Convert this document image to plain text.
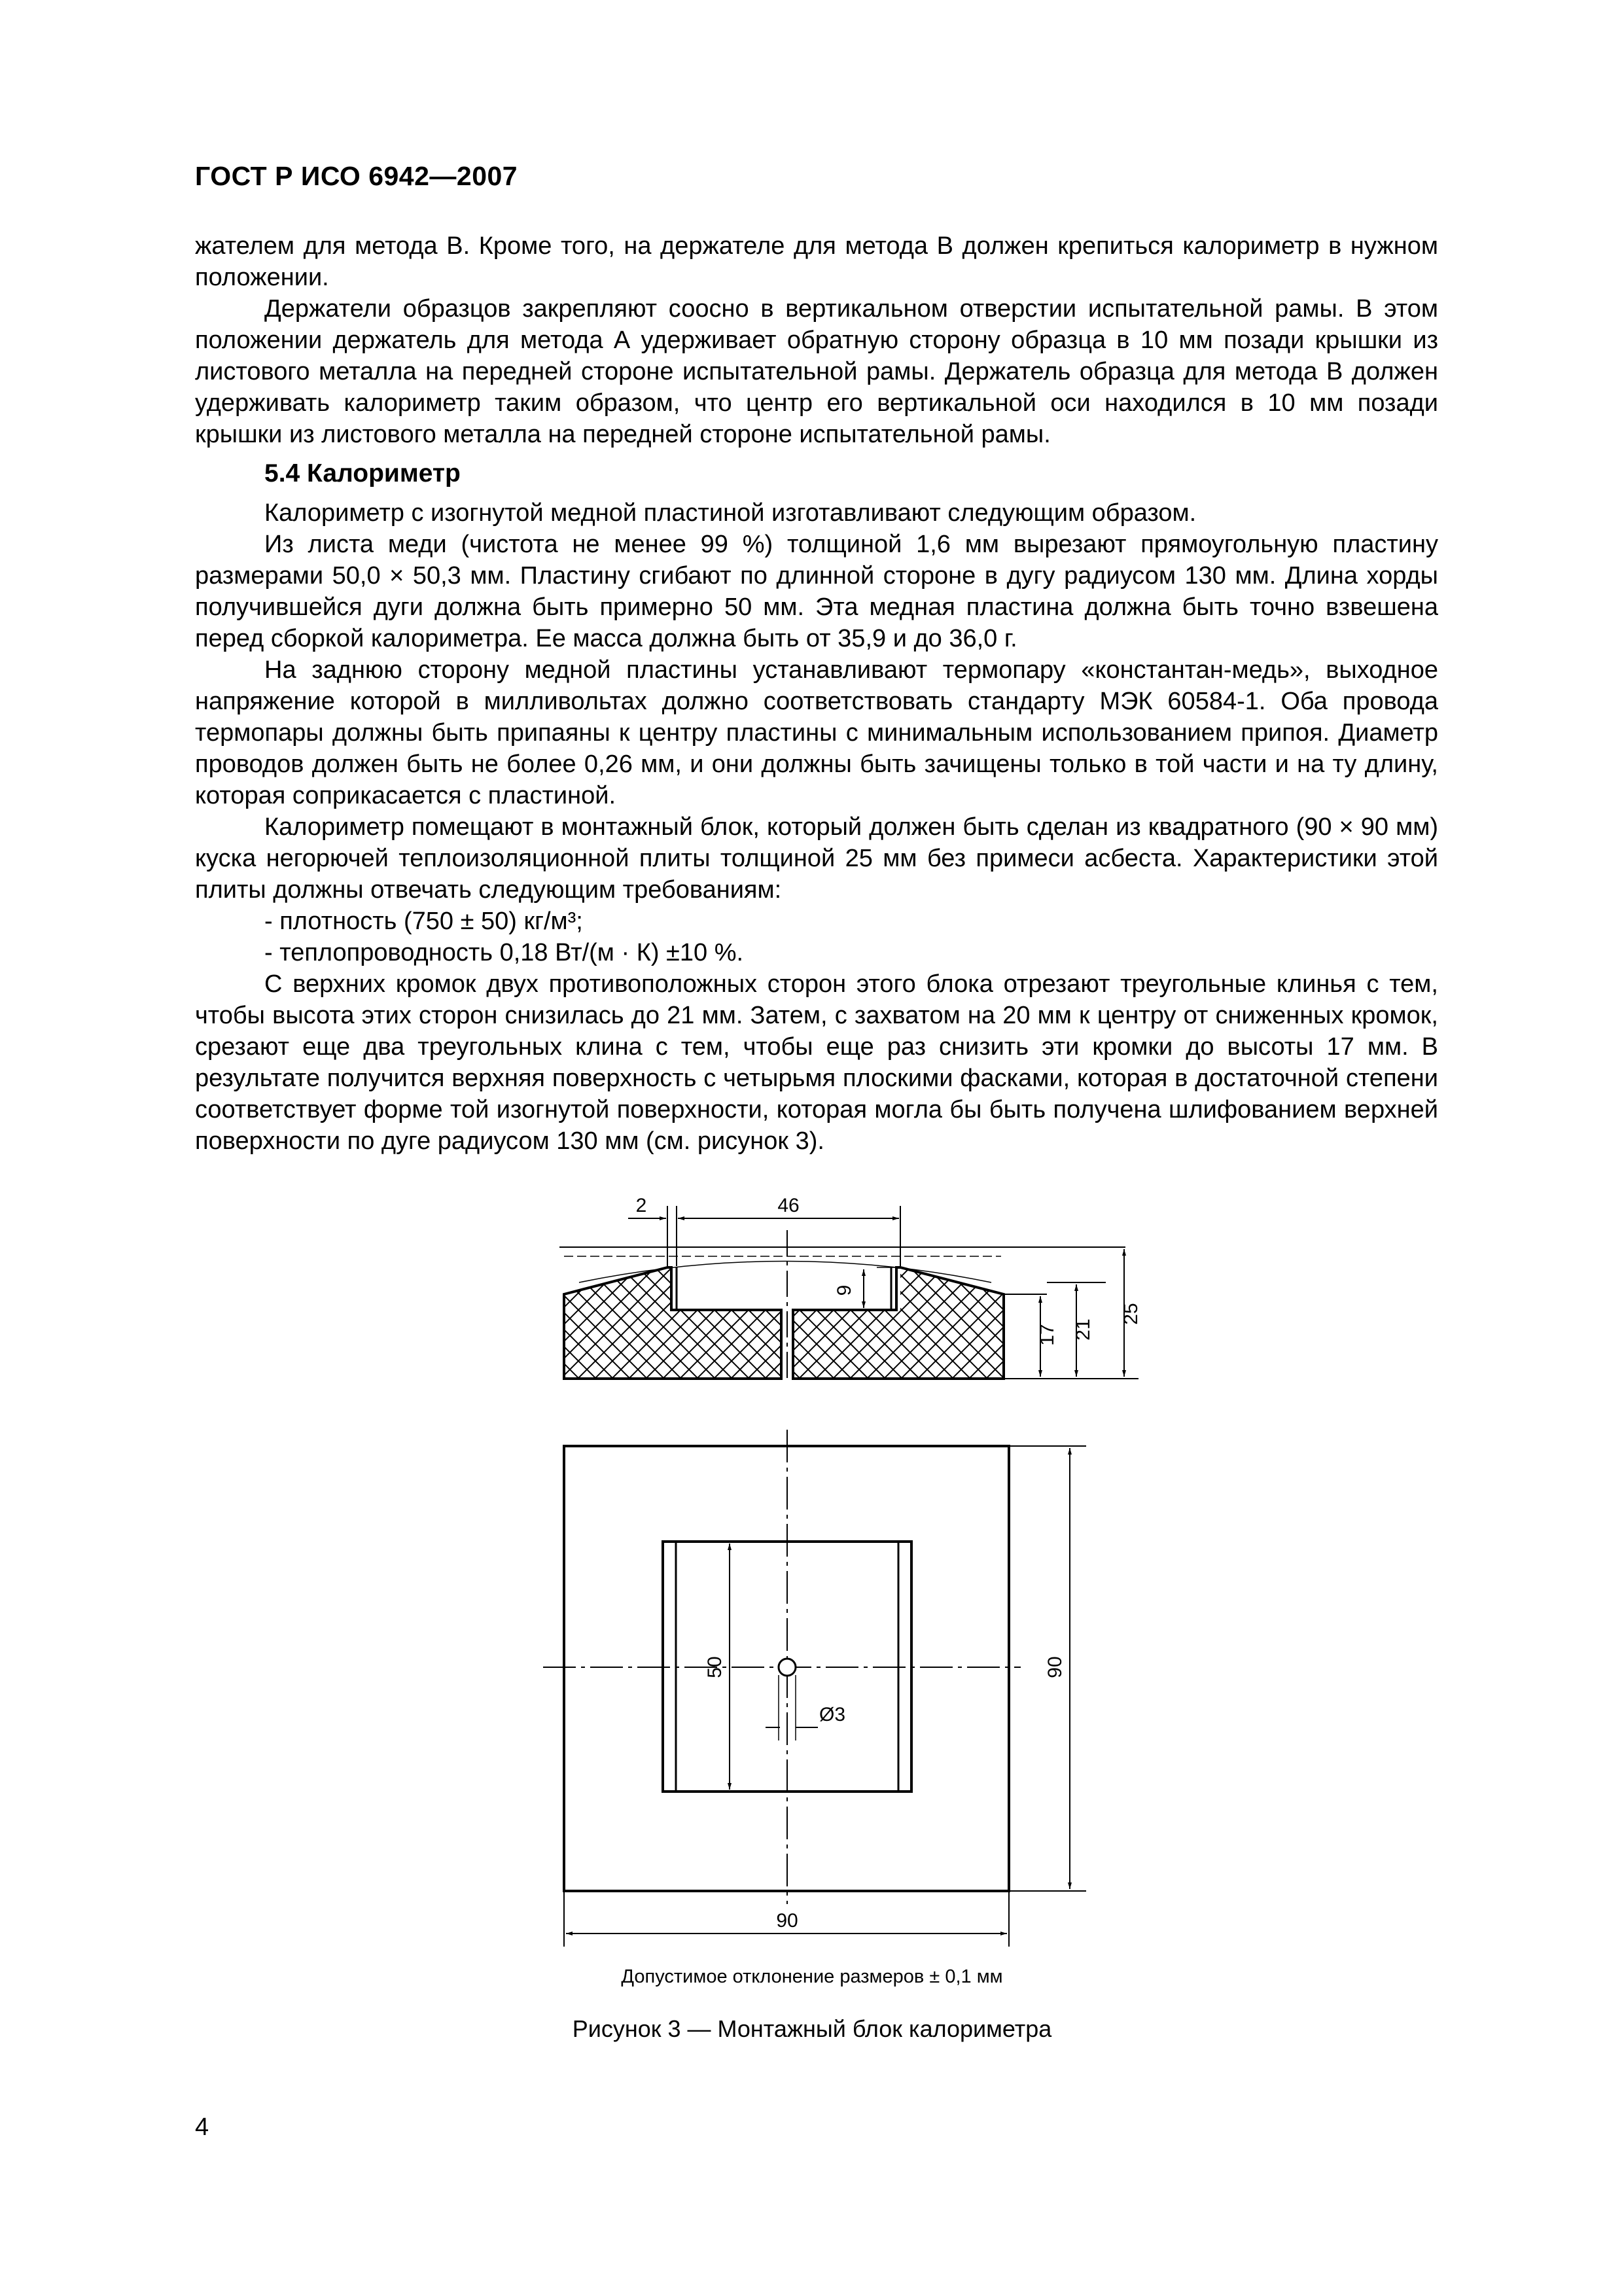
ГОСТ Р ИСО 6942—2007

жателем для метода В. Кроме того, на держателе для метода В должен крепиться калориметр в нужном положении.

Держатели образцов закрепляют соосно в вертикальном отверстии испытательной рамы. В этом положении держатель для метода А удерживает обратную сторону образца в 10 мм позади крышки из листового металла на передней стороне испытательной рамы. Держатель образца для метода В должен удерживать калориметр таким образом, что центр его вертикальной оси находился в 10 мм позади крышки из листового металла на передней стороне испытательной рамы.

5.4 Калориметр

Калориметр с изогнутой медной пластиной изготавливают следующим образом.

Из листа меди (чистота не менее 99 %) толщиной 1,6 мм вырезают прямоугольную пластину размерами 50,0 × 50,3 мм. Пластину сгибают по длинной стороне в дугу радиусом 130 мм. Длина хорды получившейся дуги должна быть примерно 50 мм. Эта медная пластина должна быть точно взвешена перед сборкой калориметра. Ее масса должна быть от 35,9 и до 36,0 г.

На заднюю сторону медной пластины устанавливают термопару «константан-медь», выходное напряжение которой в милливольтах должно соответствовать стандарту МЭК 60584-1. Оба провода термопары должны быть припаяны к центру пластины с минимальным использованием припоя. Диаметр проводов должен быть не более 0,26 мм, и они должны быть зачищены только в той части и на ту длину, которая соприкасается с пластиной.

Калориметр помещают в монтажный блок, который должен быть сделан из квадратного (90 × 90 мм) куска негорючей теплоизоляционной плиты толщиной 25 мм без примеси асбеста. Характеристики этой плиты должны отвечать следующим требованиям:

- плотность (750 ± 50) кг/м³;

- теплопроводность 0,18 Вт/(м · К) ±10 %.

С верхних кромок двух противоположных сторон этого блока отрезают треугольные клинья с тем, чтобы высота этих сторон снизилась до 21 мм. Затем, с захватом на 20 мм к центру от сниженных кромок, срезают еще два треугольных клина с тем, чтобы еще раз снизить эти кромки до высоты 17 мм. В результате получится верхняя поверхность с четырьмя плоскими фасками, которая в достаточной степени соответствует форме той изогнутой поверхности, которая могла бы быть получена шлифованием верхней поверхности по дуге радиусом 130 мм (см. рисунок 3).

2	46
9
17 21
25
Ø3
50	90
90
Допустимое отклонение размеров ± 0,1 мм
Рисунок 3 — Монтажный блок калориметра
4
